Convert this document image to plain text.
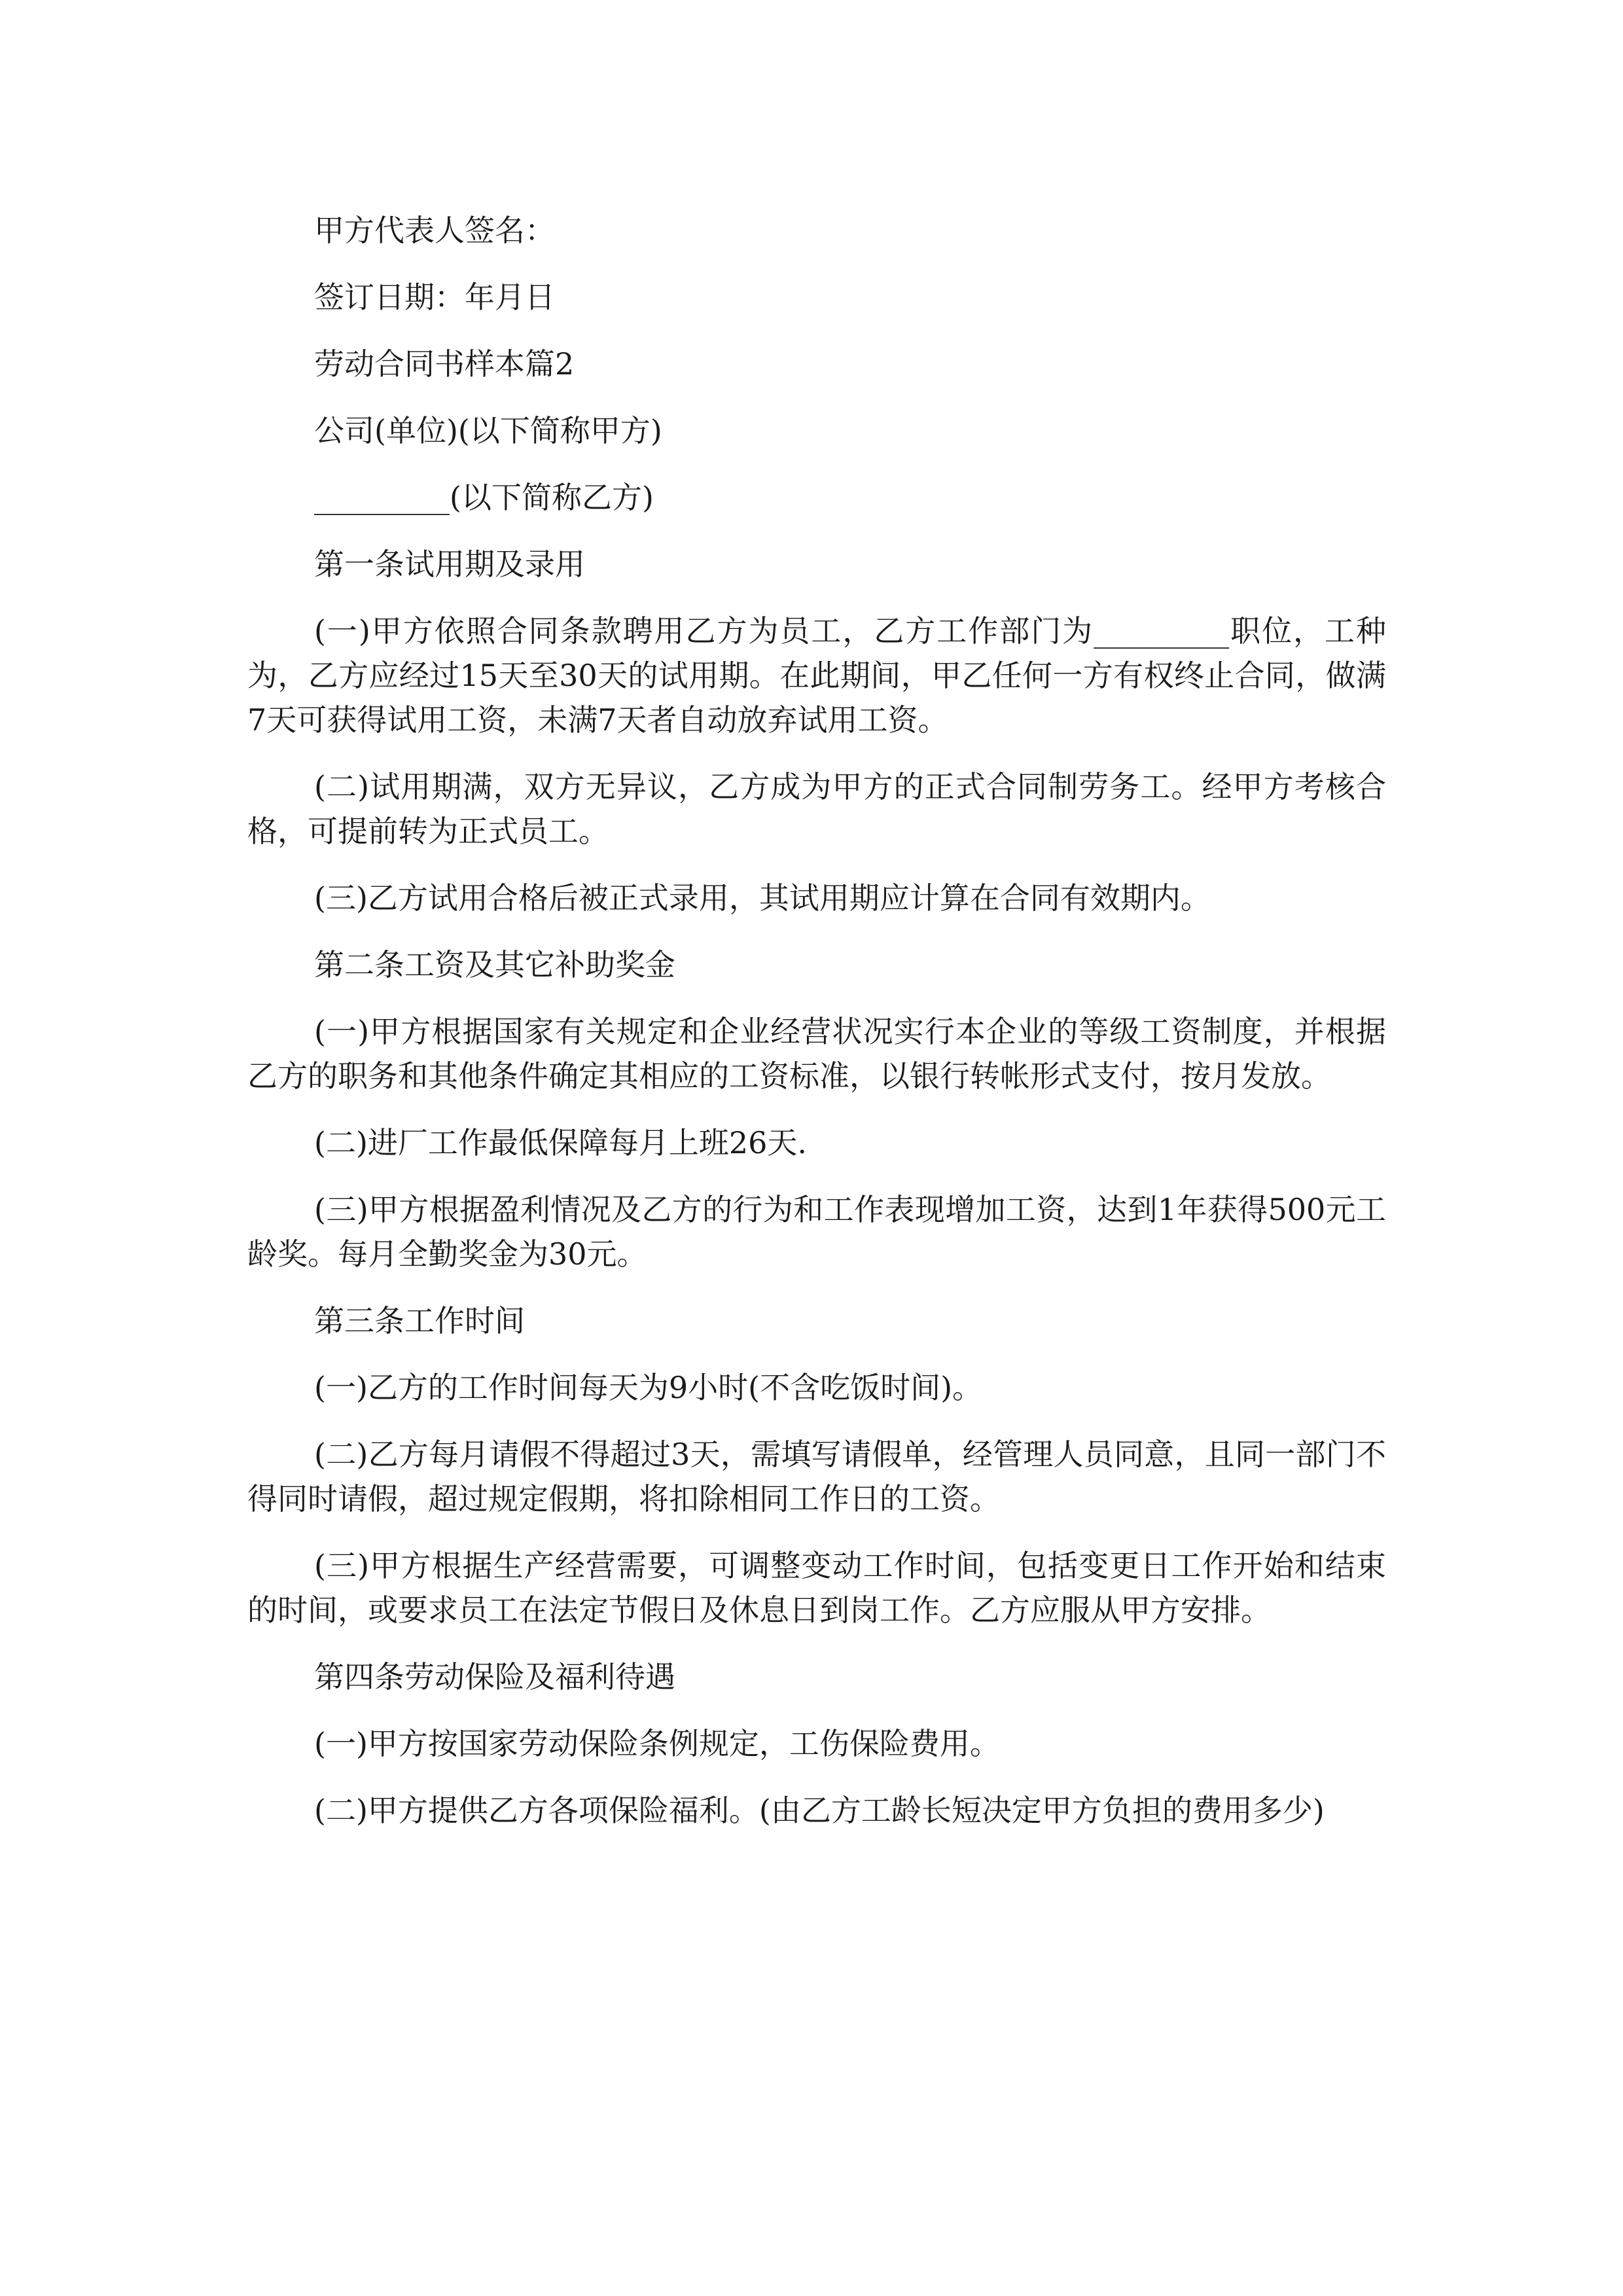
甲方代表人签名：

签订日期：年月日

劳动合同书样本篇2

公司(单位)(以下简称甲方)

_________(以下简称乙方)

第一条试用期及录用

(一)甲方依照合同条款聘用乙方为员工，乙方工作部门为_________职位，工种为，乙方应经过15天至30天的试用期。在此期间，甲乙任何一方有权终止合同，做满7天可获得试用工资，未满7天者自动放弃试用工资。

(二)试用期满，双方无异议，乙方成为甲方的正式合同制劳务工。经甲方考核合格，可提前转为正式员工。

(三)乙方试用合格后被正式录用，其试用期应计算在合同有效期内。

第二条工资及其它补助奖金

(一)甲方根据国家有关规定和企业经营状况实行本企业的等级工资制度，并根据乙方的职务和其他条件确定其相应的工资标准，以银行转帐形式支付，按月发放。

(二)进厂工作最低保障每月上班26天.

(三)甲方根据盈利情况及乙方的行为和工作表现增加工资，达到1年获得500元工龄奖。每月全勤奖金为30元。

第三条工作时间

(一)乙方的工作时间每天为9小时(不含吃饭时间)。

(二)乙方每月请假不得超过3天，需填写请假单，经管理人员同意，且同一部门不得同时请假，超过规定假期，将扣除相同工作日的工资。

(三)甲方根据生产经营需要，可调整变动工作时间，包括变更日工作开始和结束的时间，或要求员工在法定节假日及休息日到岗工作。乙方应服从甲方安排。

第四条劳动保险及福利待遇

(一)甲方按国家劳动保险条例规定，工伤保险费用。

(二)甲方提供乙方各项保险福利。(由乙方工龄长短决定甲方负担的费用多少)
